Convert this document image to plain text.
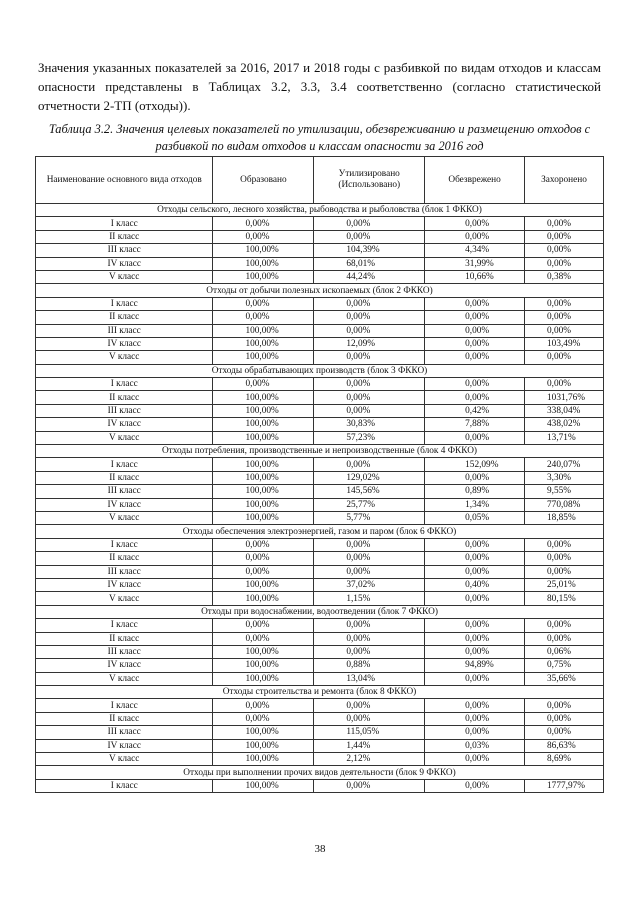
Значения указанных показателей за 2016, 2017 и 2018 годы с разбивкой по видам отходов и классам опасности представлены в Таблицах 3.2, 3.3, 3.4 соответственно (согласно статистической отчетности 2-ТП (отходы)).

Таблица 3.2. Значения целевых показателей по утилизации, обезвреживанию и размещению отходов с разбивкой по видам отходов и классам опасности за 2016 год

Наименование основного вида отходов	Образовано	Утилизировано (Использовано)	Обезврежено	Захоронено
Отходы сельского, лесного хозяйства, рыбоводства и рыболовства (блок 1 ФККО)				
I класс	0,00%	0,00%	0,00%	0,00%
II класс	0,00%	0,00%	0,00%	0,00%
III класс	100,00%	104,39%	4,34%	0,00%
IV класс	100,00%	68,01%	31,99%	0,00%
V класс	100,00%	44,24%	10,66%	0,38%
Отходы от добычи полезных ископаемых (блок 2 ФККО)				
I класс	0,00%	0,00%	0,00%	0,00%
II класс	0,00%	0,00%	0,00%	0,00%
III класс	100,00%	0,00%	0,00%	0,00%
IV класс	100,00%	12,09%	0,00%	103,49%
V класс	100,00%	0,00%	0,00%	0,00%
Отходы обрабатывающих производств (блок 3 ФККО)				
I класс	0,00%	0,00%	0,00%	0,00%
II класс	100,00%	0,00%	0,00%	1031,76%
III класс	100,00%	0,00%	0,42%	338,04%
IV класс	100,00%	30,83%	7,88%	438,02%
V класс	100,00%	57,23%	0,00%	13,71%
Отходы потребления, производственные и непроизводственные (блок 4 ФККО)				
I класс	100,00%	0,00%	152,09%	240,07%
II класс	100,00%	129,02%	0,00%	3,30%
III класс	100,00%	145,56%	0,89%	9,55%
IV класс	100,00%	25,77%	1,34%	770,08%
V класс	100,00%	5,77%	0,05%	18,85%
Отходы обеспечения электроэнергией, газом и паром (блок 6 ФККО)				
I класс	0,00%	0,00%	0,00%	0,00%
II класс	0,00%	0,00%	0,00%	0,00%
III класс	0,00%	0,00%	0,00%	0,00%
IV класс	100,00%	37,02%	0,40%	25,01%
V класс	100,00%	1,15%	0,00%	80,15%
Отходы при водоснабжении, водоотведении (блок 7 ФККО)				
I класс	0,00%	0,00%	0,00%	0,00%
II класс	0,00%	0,00%	0,00%	0,00%
III класс	100,00%	0,00%	0,00%	0,06%
IV класс	100,00%	0,88%	94,89%	0,75%
V класс	100,00%	13,04%	0,00%	35,66%
Отходы строительства и ремонта (блок 8 ФККО)				
I класс	0,00%	0,00%	0,00%	0,00%
II класс	0,00%	0,00%	0,00%	0,00%
III класс	100,00%	115,05%	0,00%	0,00%
IV класс	100,00%	1,44%	0,03%	86,63%
V класс	100,00%	2,12%	0,00%	8,69%
Отходы при выполнении прочих видов деятельности (блок 9 ФККО)				
I класс	100,00%	0,00%	0,00%	1777,97%
38
